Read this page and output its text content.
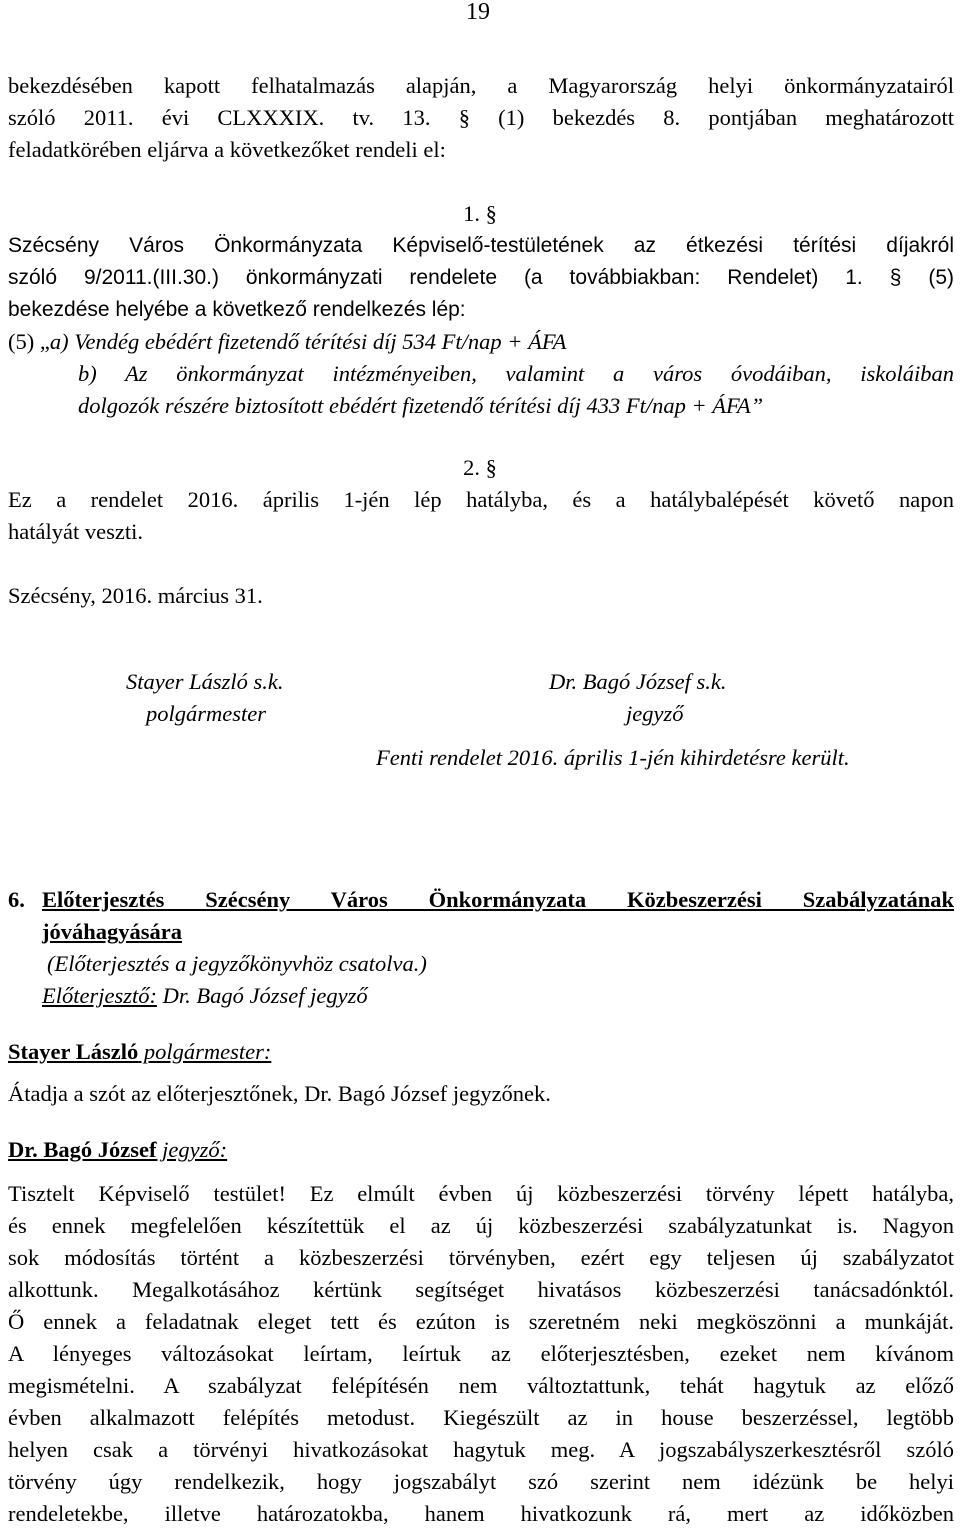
19
bekezdésében kapott felhatalmazás alapján, a Magyarország helyi önkormányzatairól
szóló 2011. évi CLXXXIX. tv. 13. § (1) bekezdés 8. pontjában meghatározott
feladatkörében eljárva a következőket rendeli el:
1. §
Szécsény Város Önkormányzata Képviselő-testületének az étkezési térítési díjakról
szóló 9/2011.(III.30.) önkormányzati rendelete (a továbbiakban: Rendelet) 1. § (5)
bekezdése helyébe a következő rendelkezés lép:
(5) „a) Vendég ebédért fizetendő térítési díj 534 Ft/nap + ÁFA
b) Az önkormányzat intézményeiben, valamint a város óvodáiban, iskoláiban
dolgozók részére biztosított ebédért fizetendő térítési díj 433 Ft/nap + ÁFA”
2. §
Ez a rendelet 2016. április 1-jén lép hatályba, és a hatálybalépését követő napon
hatályát veszti.
Szécsény, 2016. március 31.
Stayer László s.k.
polgármester
Dr. Bagó József s.k.
jegyző
Fenti rendelet 2016. április 1-jén kihirdetésre került.
6. Előterjesztés Szécsény Város Önkormányzata Közbeszerzési Szabályzatának
jóváhagyására
(Előterjesztés a jegyzőkönyvhöz csatolva.)
Előterjesztő: Dr. Bagó József jegyző
Stayer László polgármester:
Átadja a szót az előterjesztőnek, Dr. Bagó József jegyzőnek.
Dr. Bagó József jegyző:
Tisztelt Képviselő testület! Ez elmúlt évben új közbeszerzési törvény lépett hatályba,
és ennek megfelelően készítettük el az új közbeszerzési szabályzatunkat is. Nagyon
sok módosítás történt a közbeszerzési törvényben, ezért egy teljesen új szabályzatot
alkottunk. Megalkotásához kértünk segítséget hivatásos közbeszerzési tanácsadónktól.
Ő ennek a feladatnak eleget tett és ezúton is szeretném neki megköszönni a munkáját.
A lényeges változásokat leírtam, leírtuk az előterjesztésben, ezeket nem kívánom
megismételni. A szabályzat felépítésén nem változtattunk, tehát hagytuk az előző
évben alkalmazott felépítés metodust. Kiegészült az in house beszerzéssel, legtöbb
helyen csak a törvényi hivatkozásokat hagytuk meg. A jogszabályszerkesztésről szóló
törvény úgy rendelkezik, hogy jogszabályt szó szerint nem idézünk be helyi
rendeletekbe, illetve határozatokba, hanem hivatkozunk rá, mert az időközben
